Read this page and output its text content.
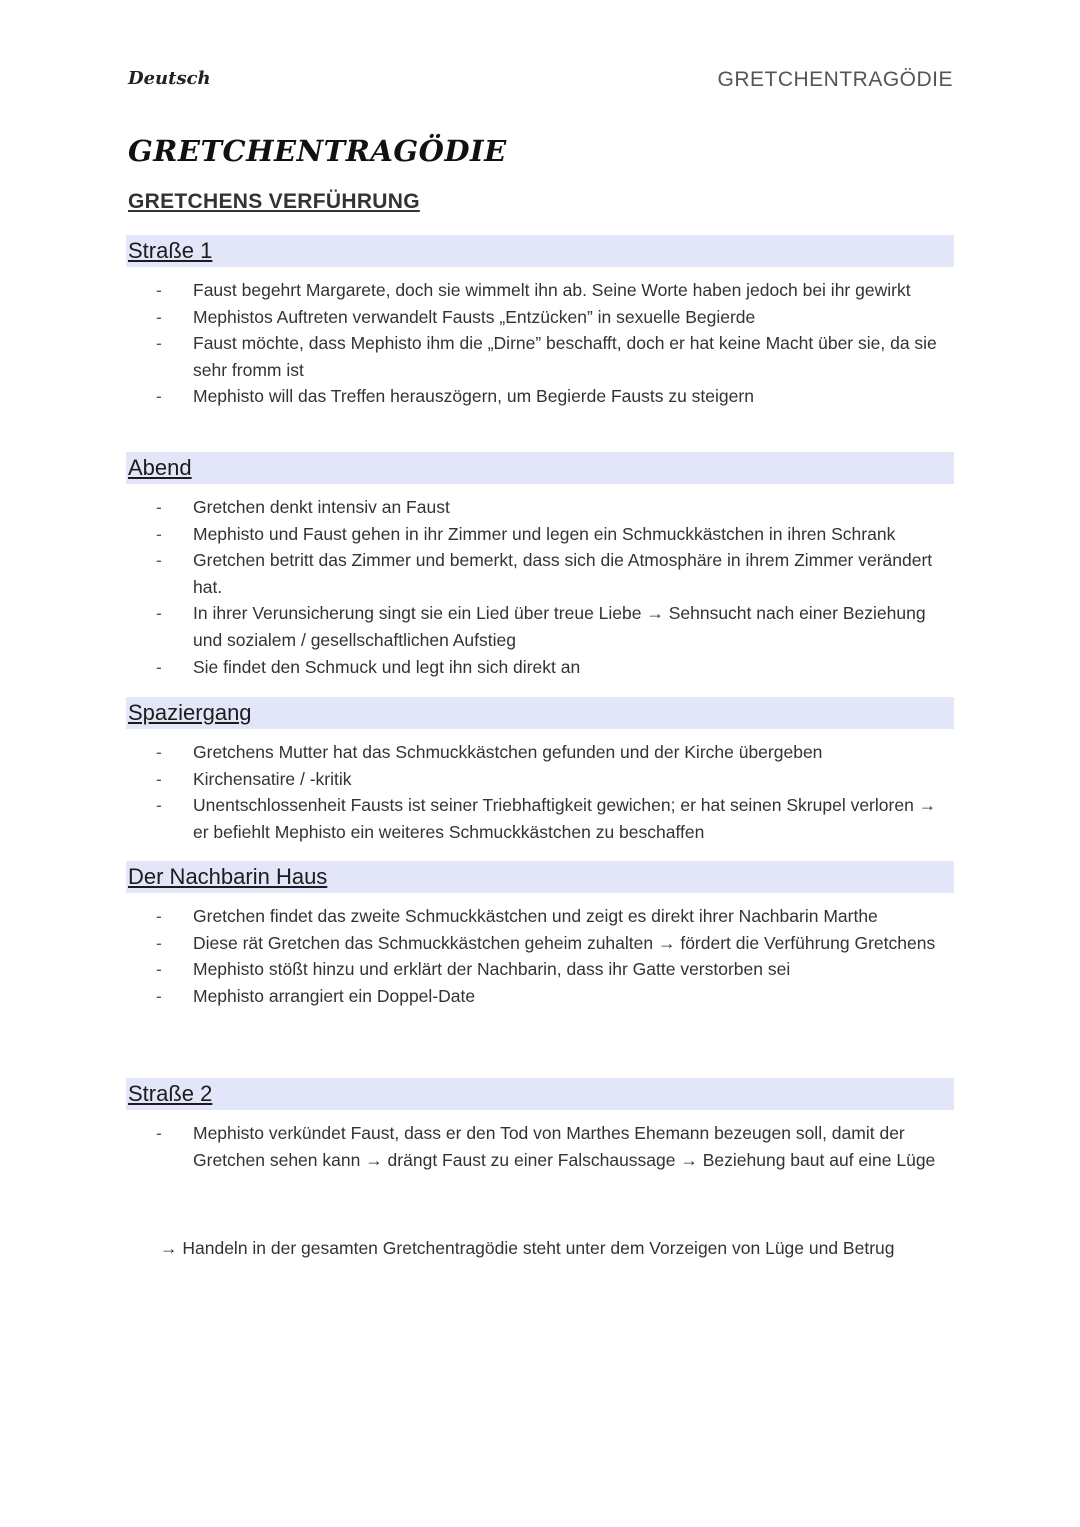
Deutsch	GRETCHENTRAGÖDIE
GRETCHENTRAGÖDIE
GRETCHENS VERFÜHRUNG
Straße 1
- Faust begehrt Margarete, doch sie wimmelt ihn ab. Seine Worte haben jedoch bei ihr gewirkt
- Mephistos Auftreten verwandelt Fausts „Entzücken” in sexuelle Begierde
- Faust möchte, dass Mephisto ihm die „Dirne” beschafft, doch er hat keine Macht über sie, da sie sehr fromm ist
- Mephisto will das Treffen herauszögern, um Begierde Fausts zu steigern
Abend
- Gretchen denkt intensiv an Faust
- Mephisto und Faust gehen in ihr Zimmer und legen ein Schmuckkästchen in ihren Schrank
- Gretchen betritt das Zimmer und bemerkt, dass sich die Atmosphäre in ihrem Zimmer verändert hat.
- In ihrer Verunsicherung singt sie ein Lied über treue Liebe → Sehnsucht nach einer Beziehung und sozialem / gesellschaftlichen Aufstieg
- Sie findet den Schmuck und legt ihn sich direkt an
Spaziergang
- Gretchens Mutter hat das Schmuckkästchen gefunden und der Kirche übergeben
- Kirchensatire / -kritik
- Unentschlossenheit Fausts ist seiner Triebhaftigkeit gewichen; er hat seinen Skrupel verloren → er befiehlt Mephisto ein weiteres Schmuckkästchen zu beschaffen
Der Nachbarin Haus
- Gretchen findet das zweite Schmuckkästchen und zeigt es direkt ihrer Nachbarin Marthe
- Diese rät Gretchen das Schmuckkästchen geheim zuhalten → fördert die Verführung Gretchens
- Mephisto stößt hinzu und erklärt der Nachbarin, dass ihr Gatte verstorben sei
- Mephisto arrangiert ein Doppel-Date
Straße 2
- Mephisto verkündet Faust, dass er den Tod von Marthes Ehemann bezeugen soll, damit der Gretchen sehen kann → drängt Faust zu einer Falschaussage → Beziehung baut auf eine Lüge

→ Handeln in der gesamten Gretchentragödie steht unter dem Vorzeigen von Lüge und Betrug
